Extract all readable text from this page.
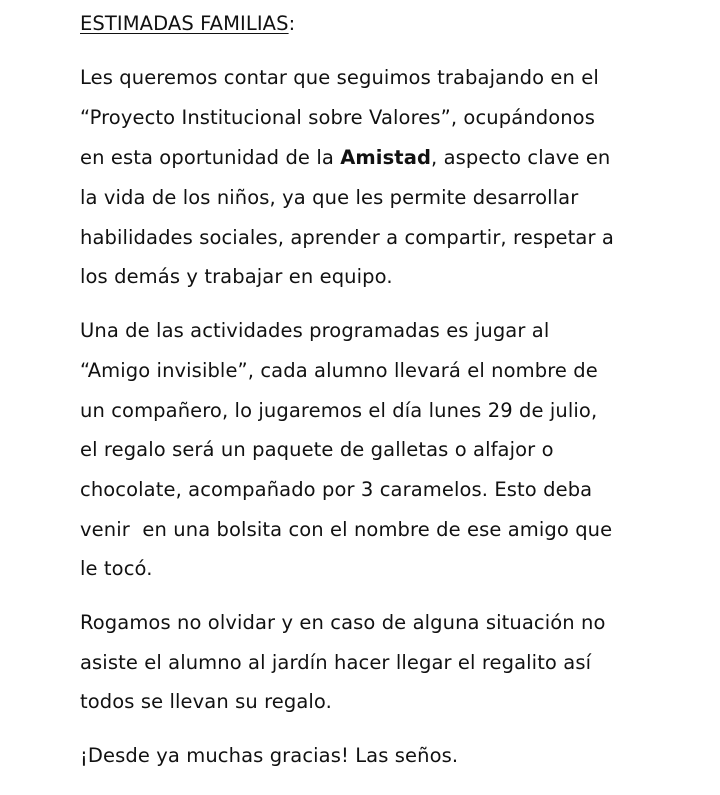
ESTIMADAS FAMILIAS:
Les queremos contar que seguimos trabajando en el
“Proyecto Institucional sobre Valores”, ocupándonos
en esta oportunidad de la Amistad, aspecto clave en
la vida de los niños, ya que les permite desarrollar
habilidades sociales, aprender a compartir, respetar a
los demás y trabajar en equipo.
Una de las actividades programadas es jugar al
“Amigo invisible”, cada alumno llevará el nombre de
un compañero, lo jugaremos el día lunes 29 de julio,
el regalo será un paquete de galletas o alfajor o
chocolate, acompañado por 3 caramelos. Esto deba
venir  en una bolsita con el nombre de ese amigo que
le tocó.
Rogamos no olvidar y en caso de alguna situación no
asiste el alumno al jardín hacer llegar el regalito así
todos se llevan su regalo.
¡Desde ya muchas gracias! Las seños.
